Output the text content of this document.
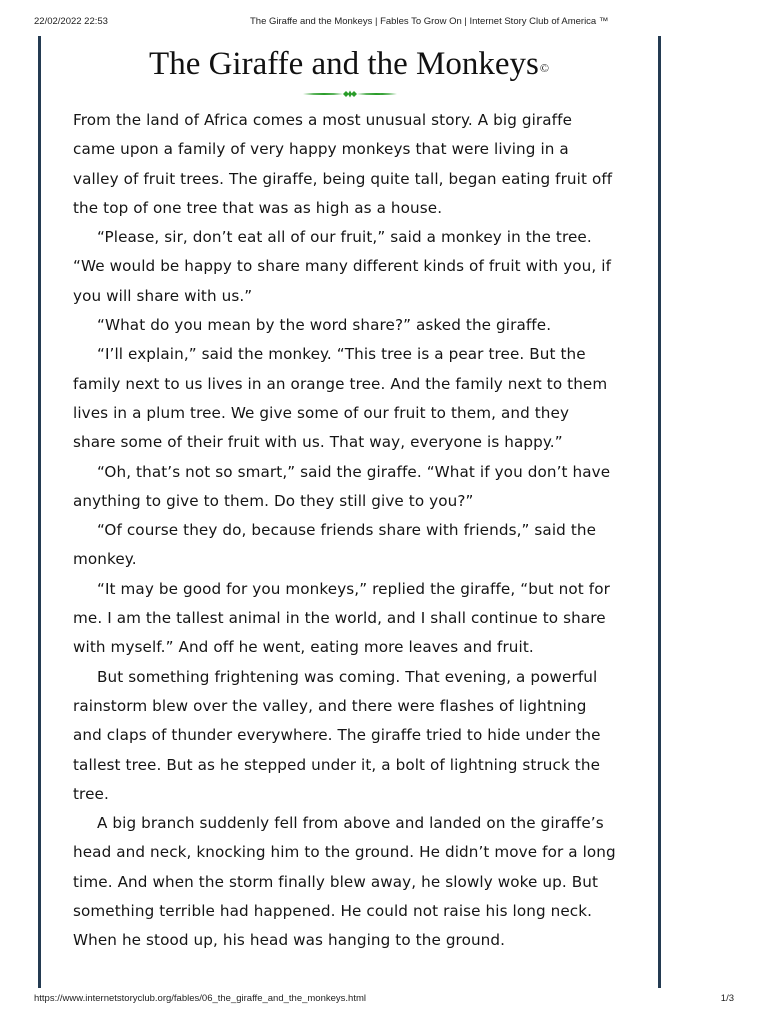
22/02/2022 22:53	The Giraffe and the Monkeys | Fables To Grow On | Internet Story Club of America ™
The Giraffe and the Monkeys©

From the land of Africa comes a most unusual story. A big giraffe

came upon a family of very happy monkeys that were living in a

valley of fruit trees. The giraffe, being quite tall, began eating fruit off

the top of one tree that was as high as a house.

“Please, sir, don’t eat all of our fruit,” said a monkey in the tree.

“We would be happy to share many different kinds of fruit with you, if

you will share with us.”

“What do you mean by the word share?” asked the giraffe.

“I’ll explain,” said the monkey. “This tree is a pear tree. But the

family next to us lives in an orange tree. And the family next to them

lives in a plum tree. We give some of our fruit to them, and they

share some of their fruit with us. That way, everyone is happy.”

“Oh, that’s not so smart,” said the giraffe. “What if you don’t have

anything to give to them. Do they still give to you?”

“Of course they do, because friends share with friends,” said the

monkey.

“It may be good for you monkeys,” replied the giraffe, “but not for

me. I am the tallest animal in the world, and I shall continue to share

with myself.” And off he went, eating more leaves and fruit.

But something frightening was coming. That evening, a powerful

rainstorm blew over the valley, and there were flashes of lightning

and claps of thunder everywhere. The giraffe tried to hide under the

tallest tree. But as he stepped under it, a bolt of lightning struck the

tree.

A big branch suddenly fell from above and landed on the giraffe’s

head and neck, knocking him to the ground. He didn’t move for a long

time. And when the storm finally blew away, he slowly woke up. But

something terrible had happened. He could not raise his long neck.

When he stood up, his head was hanging to the ground.

https://www.internetstoryclub.org/fables/06_the_giraffe_and_the_monkeys.html	1/3
